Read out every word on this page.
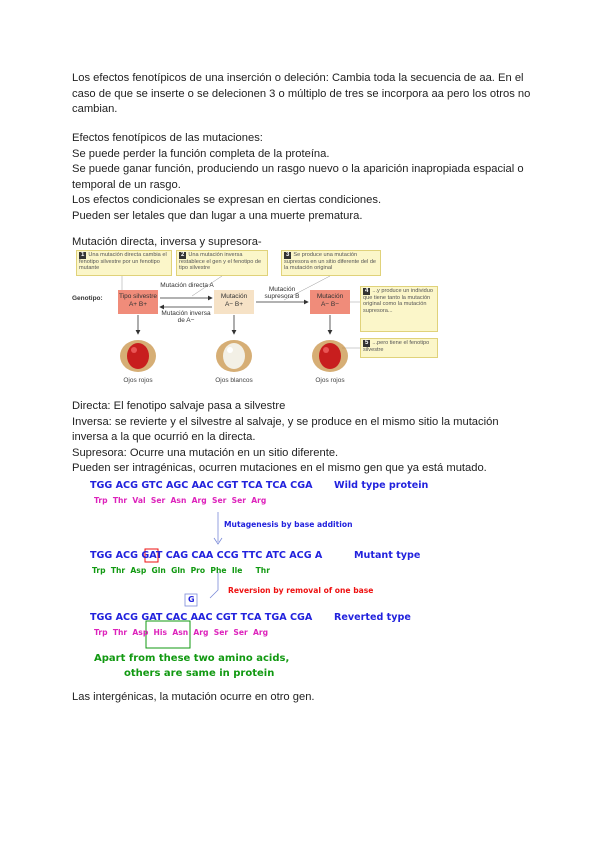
Los efectos fenotípicos de una inserción o deleción: Cambia toda la secuencia de aa. En el
caso de que se inserte o se delecionen 3 o múltiplo de tres se incorpora aa pero los otros no
cambian.
Efectos fenotípicos de las mutaciones:
Se puede perder la función completa de la proteína.
Se puede ganar función, produciendo un rasgo nuevo o la aparición inapropiada espacial o
temporal de un rasgo.
Los efectos condicionales se expresan en ciertas condiciones.
Pueden ser letales que dan lugar a una muerte prematura.
Mutación directa, inversa y supresora-
1 Una mutación directa cambia el fenotipo silvestre por un fenotipo mutante
2 Una mutación inversa restablece el gen y el fenotipo de tipo silvestre
3 Se produce una mutación supresora en un sitio diferente del de la mutación original
4 ...y produce un individuo que tiene tanto la mutación original como la mutación supresora...
5 ...pero tiene el fenotipo silvestre
Genotipo:	Tipo silvestre
A+ B+
Mutación
A− B+
Mutación
A− B−
Mutación directa A
Mutación inversa de A−
Mutación supresora B
Ojos rojos	Ojos blancos	Ojos rojos
Directa: El fenotipo salvaje pasa a silvestre
Inversa: se revierte y el silvestre al salvaje, y se produce en el mismo sitio la mutación
inversa a la que ocurrió en la directa.
Supresora: Ocurre una mutación en un sitio diferente.
Pueden ser intragénicas, ocurren mutaciones en el mismo gen que ya está mutado.
TGG ACG GTC AGC AAC CGT TCA TCA CGA Wild type protein
Trp  Thr  Val  Ser  Asn  Arg  Ser  Ser  Arg
Mutagenesis by base addition
TGG ACG GAT CAG CAA CCG TTC ATC ACG A	Mutant type
Trp  Thr  Asp  Gln  Gln  Pro  Phe  Ile     Thr
Reversion by removal of one base
G
TGG ACG GAT CAC AAC CGT TCA TGA CGA Reverted type
Trp  Thr  Asp  His  Asn  Arg  Ser  Ser  Arg
Apart from these two amino acids,
others are same in protein
Las intergénicas, la mutación ocurre en otro gen.
